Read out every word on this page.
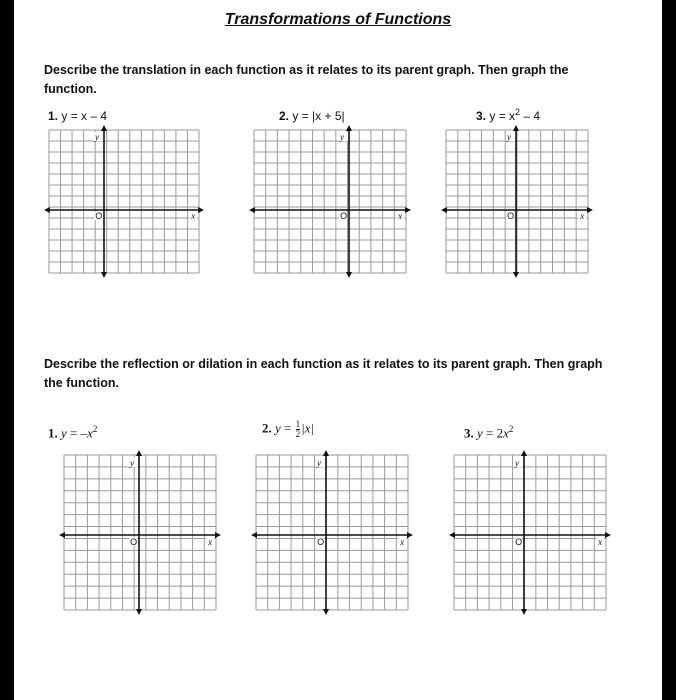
Transformations of Functions
Describe the translation in each function as it relates to its parent graph. Then graph the function.
1. y = x – 4	2. y = |x + 5|	3. $y = x^2 - 4$
Describe the reflection or dilation in each function as it relates to its parent graph. Then graph the function.
1. $y = -x^2$	2. $y = \frac{1}{2} |x|$	3. $y = 2x^2$
y
O	x
y
O	x
y
O	x
y
O	x
y
O	x
y
O	x
